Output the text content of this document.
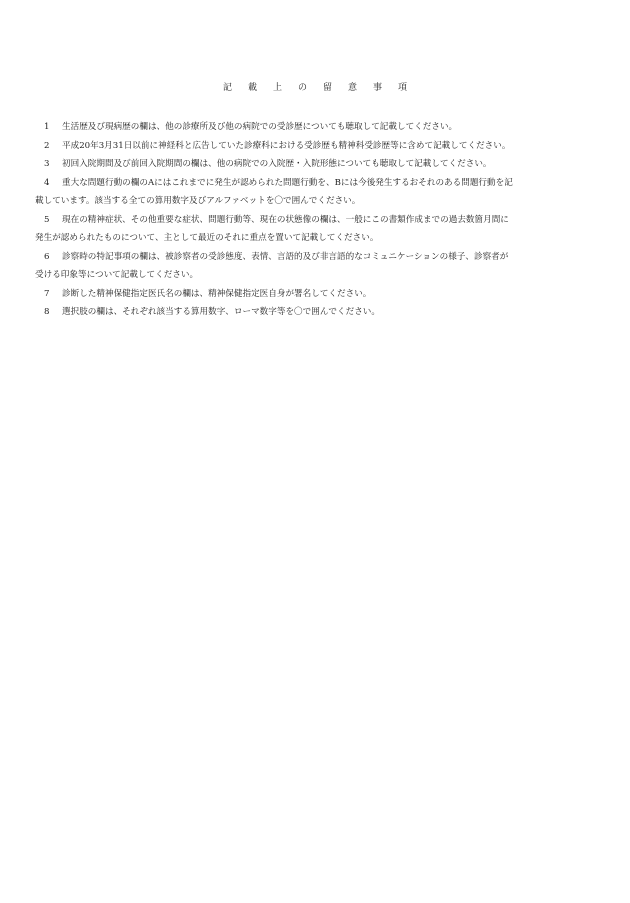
記載上の留意事項
1	生活歴及び現病歴の欄は、他の診療所及び他の病院での受診歴についても聴取して記載してください。
2	平成20年3月31日以前に神経科と広告していた診療科における受診歴も精神科受診歴等に含めて記載してください。
3	初回入院期間及び前回入院期間の欄は、他の病院での入院歴・入院形態についても聴取して記載してください。
4	重大な問題行動の欄のAにはこれまでに発生が認められた問題行動を、Bには今後発生するおそれのある問題行動を記
載しています。該当する全ての算用数字及びアルファベットを〇で囲んでください。
5	現在の精神症状、その他重要な症状、問題行動等、現在の状態像の欄は、一般にこの書類作成までの過去数箇月間に
発生が認められたものについて、主として最近のそれに重点を置いて記載してください。
6	診察時の特記事項の欄は、被診察者の受診態度、表情、言語的及び非言語的なコミュニケーションの様子、診察者が
受ける印象等について記載してください。
7	診断した精神保健指定医氏名の欄は、精神保健指定医自身が署名してください。
8	選択肢の欄は、それぞれ該当する算用数字、ローマ数字等を〇で囲んでください。
